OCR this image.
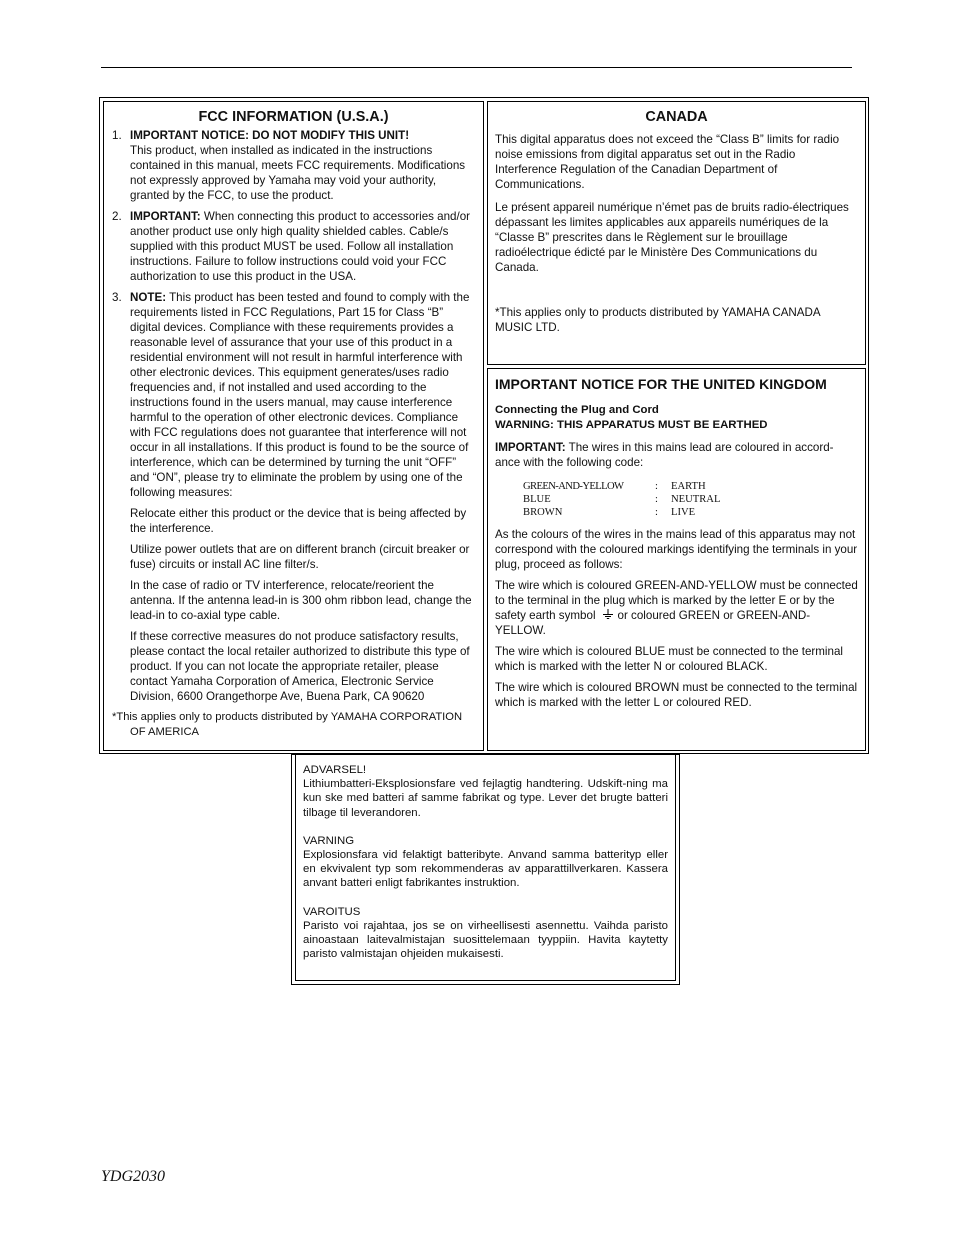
FCC INFORMATION (U.S.A.)
1. IMPORTANT NOTICE: DO NOT MODIFY THIS UNIT!
This product, when installed as indicated in the instructions contained in this manual, meets FCC requirements. Modifications not expressly approved by Yamaha may void your authority, granted by the FCC, to use the product.
2. IMPORTANT: When connecting this product to accessories and/or another product use only high quality shielded cables. Cable/s supplied with this product MUST be used. Follow all installation instructions. Failure to follow instructions could void your FCC authorization to use this product in the USA.
3. NOTE: This product has been tested and found to comply with the requirements listed in FCC Regulations, Part 15 for Class “B” digital devices. Compliance with these requirements provides a reasonable level of assurance that your use of this product in a residential environment will not result in harmful interference with other electronic devices. This equipment generates/uses radio frequencies and, if not installed and used according to the instructions found in the users manual, may cause interference harmful to the operation of other electronic devices. Compliance with FCC regulations does not guarantee that interference will not occur in all installations. If this product is found to be the source of interference, which can be determined by turning the unit “OFF” and “ON”, please try to eliminate the problem by using one of the following measures:

Relocate either this product or the device that is being affected by the interference.

Utilize power outlets that are on different branch (circuit breaker or fuse) circuits or install AC line filter/s.

In the case of radio or TV interference, relocate/reorient the antenna. If the antenna lead-in is 300 ohm ribbon lead, change the lead-in to co-axial type cable.

If these corrective measures do not produce satisfactory results, please contact the local retailer authorized to distribute this type of product. If you can not locate the appropriate retailer, please contact Yamaha Corporation of America, Electronic Service Division, 6600 Orangethorpe Ave, Buena Park, CA 90620

*This applies only to products distributed by YAMAHA CORPORATION OF AMERICA
CANADA

This digital apparatus does not exceed the “Class B” limits for radio noise emissions from digital apparatus set out in the Radio Interference Regulation of the Canadian Department of Communications.

Le présent appareil numérique n’émet pas de bruits radio-électriques dépassant les limites applicables aux appareils numériques de la “Classe B” prescrites dans le Règlement sur le brouillage radioélectrique édicté par le Ministère Des Communications du Canada.

*This applies only to products distributed by YAMAHA CANADA MUSIC LTD.

IMPORTANT NOTICE FOR THE UNITED KINGDOM
Connecting the Plug and Cord
WARNING: THIS APPARATUS MUST BE EARTHED

IMPORTANT: The wires in this mains lead are coloured in accord-ance with the following code:

GREEN-AND-YELLOW	:	EARTH
BLUE	:	NEUTRAL
BROWN	:	LIVE

As the colours of the wires in the mains lead of this apparatus may not correspond with the coloured markings identifying the terminals in your plug, proceed as follows:

The wire which is coloured GREEN-AND-YELLOW must be connected to the terminal in the plug which is marked by the letter E or by the safety earth symbol or coloured GREEN or GREEN-AND-YELLOW.

The wire which is coloured BLUE must be connected to the terminal which is marked with the letter N or coloured BLACK.

The wire which is coloured BROWN must be connected to the terminal which is marked with the letter L or coloured RED.

ADVARSEL!
Lithiumbatteri-Eksplosionsfare ved fejlagtig handtering. Udskift-ning ma kun ske med batteri af samme fabrikat og type. Lever det brugte batteri tilbage til leverandoren.
VARNING
Explosionsfara vid felaktigt batteribyte. Anvand samma batterityp eller en ekvivalent typ som rekommenderas av apparattillverkaren. Kassera anvant batteri enligt fabrikantes instruktion.
VAROITUS
Paristo voi rajahtaa, jos se on virheellisesti asennettu. Vaihda paristo ainoastaan laitevalmistajan suosittelemaan tyyppiin. Havita kaytetty paristo valmistajan ohjeiden mukaisesti.
YDG2030
